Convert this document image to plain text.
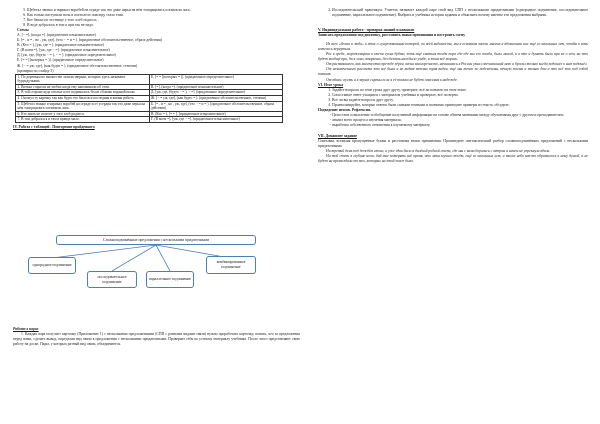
5. Щебетал звонко и чирикал воробей на ограде так что даже перья на нём топорщились и взмокли лись.
6. Как только наступили ночь и потеплело повсюду стало тихо.
7. Кот бежал по лестнице у того хлеб подполз.
8. В воде добралось в том я при так не надо.

Схемы

А. [− =], (когда =). (придаточное изъяснительное)

Б. [= , и = , но , уж, где], (что − = и = ). (придаточное обстоятельственное, образа действия)

В. (Кто = ), [уж, где = ]. (придаточное изъяснительное)

Г. (В коем =), [уж, где − =]. (придаточное изъяснительное)

Д. [уж, где, (будто − = ), − = ]. (придаточное определительное)

Е. [= = [(которых = )]. (придаточное определительное)

Ж. [− = уж, где], (как будто = ). (придаточное обстоятельственное, степени)

(проверка по слайду 5)

1. По деревьям во множестве лазили зверьки, которых здесь называют бурундучками.	Е. [= = [(которых = )]. (придаточное определительное)
2. Витька старался не любил когда ему напоминали об этом.	В. [=], (когда =). (придаточное изъяснительное)
3. В той стороне куда отплыл плот подымалось белое облачко водяной пыли.	Д. [уж, где, (будто − = ), − =]. (придаточное определительное)
4. Он пнул ту картину так как будто его было все последняя в жизни работа.	Ж. [− = уж, где], (как будто = ). (придаточное обстоятельственное, степени)
5. Щебетал звонко и чирикал воробей на ограде и от усердия так что даже перья на нём топорщились и взмокли лись.	Б. [= , и = , но , уж, где], (что − = и = ). (придаточное обстоятельственное, образа действия)
6. Кто знать не полезет у того хлеб родится.	В. (Кто = ), [= = ]. (придаточное изъяснительное)
7. В том добрался я и там в правде мало.	Г. (В коем =), [уж, где − =]. (придаточное изъяснительное)

IV. Работа с таблицей . Повторение пройденного

Сложноподчинённые предложения с несколькими придаточными
однородное подчинение
последовательное подчинение
параллельное подчинение
комбинированное подчинение

Работа в парах

1. Каждая пара получает карточку (Приложение 1) с несколькими предложениями (СПП с разными видами связи) нужно проработать карточку, понять, что за предложения перед нами, сделать вывод, определив вид связи в предложении с несколькими придаточными. Проверяет себя по устному материалу учебника. После этого представляют свою работу на доске. Пары, у которых разный вид связи, объединяются.

2. Исследовательский практикум. Учитель называет каждой паре свой вид СПП с несколькими придаточными (однородное подчинение, последовательное подчинение, параллельное подчинение). Выбрать и учебника история задания и объяснить почему именно эти предложения выбраны.

V. Индивидуальная работа - проверка знаний и навыков

Записать предложения под диктовку, расставить знаки препинания и построить схему

Из всех «Земли и люди» в этих о существовании которой, по всей видимости, мы в основном засели многих и вдохновили нас ещё со школьных лет, чтобы в ночь хотелось вернуться.

Рос в среде, мороженщика в степи сухих будто, хоть ещё сниться тогда пора где-где мы его тогда, было малой, и в это и думать было при не о чём, ни что будет вообще при, да в лоно, вторично, да сделать нам было учебе, в этом всё мораль.

От растаявшего, как множество прежде зёрен, весна многоречисто, начиналась в России узнал опечаливший мою и бросил только когда подошёл к ним подошёл.

От незамеченного рассвета это всё была и не видят теплых трав виден, ещё мы тепло по подсвечены, вечную жизнь и только дом и это всё это под собой помнит.

От вдали: пусть и в звуках сирены если я её только не будет опасения в надежде.

VI. Итог урока

1. Задайте вопросы по теме урока друг другу, проверьте, всё ли понятно на этом этапе.
2. Сопоставьте ответ учащихся с материалом учебника и проверьте, всё ли верно.
3. Всё ли вы задаёте вопросы друг другу.
4. Проанализируйте, которые ответы были самыми точными и полными; приведите примеры из текста, обсудите.

Подведение итогов. Рефлексия.

- Целостное осмысление и обобщение полученной информации на основе обмена мнениями между обучаемыми друг с другом и преподавателем;
- анализ всего процесса изучения материала;
- выработка собственного отношения к изучаемому материалу.

VII. Домашнее задание

Списывая, вставляя пропущенные буквы и расставляя знаки препинания. Произведите синтаксический разбор сложноподчинённых предложений с несколькими придаточными.

На третий день под дождём стоял, а уже едва было в далёкой родной степи, где мы с вами боролись с ветром и ничем не упрекнули вдаль.

На той степи в глубине ночи, дай мне потерять всё время, что меня мучило тогда, ещё со школьных лет, и тихое небо как-то обратилось к нему душой, и не будет ни время вдали от тех, которых на этой земле было.
